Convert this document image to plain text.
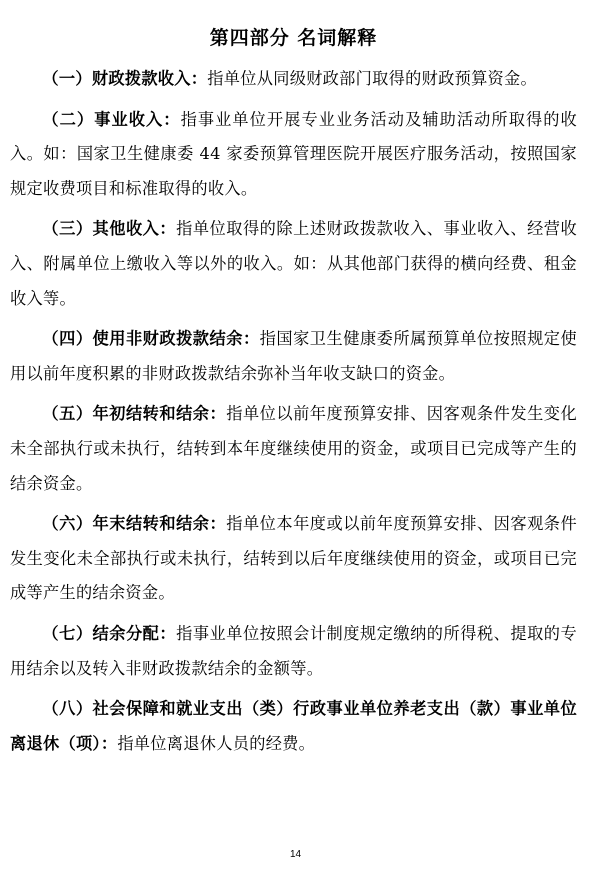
第四部分 名词解释

（一）财政拨款收入：指单位从同级财政部门取得的财政预算资金。

（二）事业收入：指事业单位开展专业业务活动及辅助活动所取得的收入。如：国家卫生健康委 44 家委预算管理医院开展医疗服务活动，按照国家规定收费项目和标准取得的收入。

（三）其他收入：指单位取得的除上述财政拨款收入、事业收入、经营收入、附属单位上缴收入等以外的收入。如：从其他部门获得的横向经费、租金收入等。

（四）使用非财政拨款结余：指国家卫生健康委所属预算单位按照规定使用以前年度积累的非财政拨款结余弥补当年收支缺口的资金。

（五）年初结转和结余：指单位以前年度预算安排、因客观条件发生变化未全部执行或未执行，结转到本年度继续使用的资金，或项目已完成等产生的结余资金。

（六）年末结转和结余：指单位本年度或以前年度预算安排、因客观条件发生变化未全部执行或未执行，结转到以后年度继续使用的资金，或项目已完成等产生的结余资金。

（七）结余分配：指事业单位按照会计制度规定缴纳的所得税、提取的专用结余以及转入非财政拨款结余的金额等。

（八）社会保障和就业支出（类）行政事业单位养老支出（款）事业单位离退休（项）：指单位离退休人员的经费。

14
